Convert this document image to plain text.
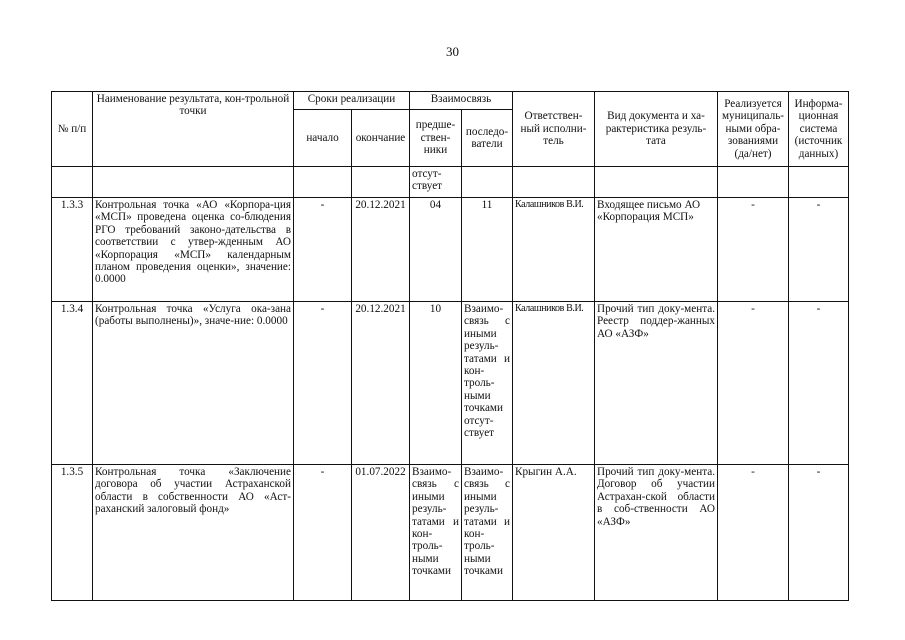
30
№ п/п	Наименование результата, кон-трольной точки	Сроки реализации		Взаимосвязь		Ответствен-ный исполни-тель	Вид документа и ха-рактеристика резуль-тата	Реализуется муниципаль-ными обра-зованиями (да/нет)	Информа-ционная система (источник данных)
		начало	окончание	предше-ствен-ники	последо-ватели				
				отсут-ствует					
1.3.3	Контрольная точка «АО «Корпора-ция «МСП» проведена оценка со-блюдения РГО требований законо-дательства в соответствии с утвер-жденным АО «Корпорация «МСП» календарным планом проведения оценки», значение: 0.0000	-	20.12.2021	04	11	Калашников В.И.	Входящее письмо АО «Корпорация МСП»	-	-
1.3.4	Контрольная точка «Услуга ока-зана (работы выполнены)», значе-ние: 0.0000	-	20.12.2021	10	Взаимо-связь с иными резуль-татами и кон-троль-ными точками отсут-ствует	Калашников В.И.	Прочий тип доку-мента. Реестр поддер-жанных АО «АЗФ»	-	-
1.3.5	Контрольная точка «Заключение договора об участии Астраханской области в собственности АО «Аст-раханский залоговый фонд»	-	01.07.2022	Взаимо-связь с иными резуль-татами и кон-троль-ными точками	Взаимо-связь с иными резуль-татами и кон-троль-ными точками	Крыгин А.А.	Прочий тип доку-мента. Договор об участии Астрахан-ской области в соб-ственности АО «АЗФ»	-	-
